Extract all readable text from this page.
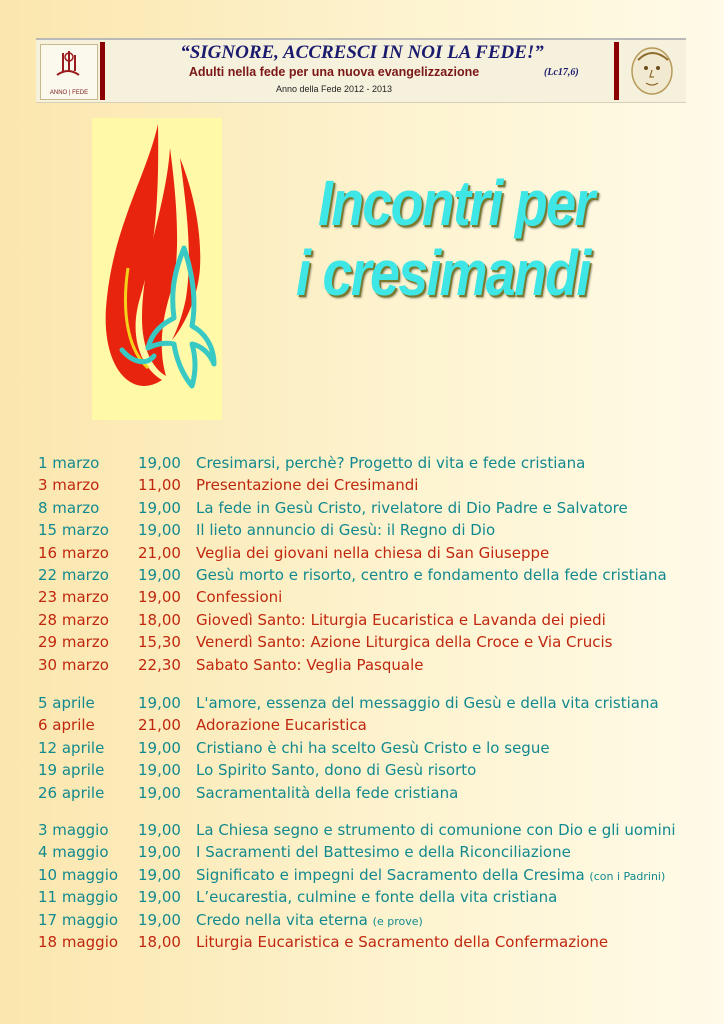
ANNO | FEDE
“SIGNORE, ACCRESCI IN NOI LA FEDE!”
Adulti nella fede per una nuova evangelizzazione	(Lc17,6)
Anno della Fede 2012 - 2013
Incontri per
i cresimandi
1 marzo	19,00 Cresimarsi, perchè? Progetto di vita e fede cristiana
3 marzo	11,00 Presentazione dei Cresimandi
8 marzo	19,00 La fede in Gesù Cristo, rivelatore di Dio Padre e Salvatore
15 marzo 19,00 Il lieto annuncio di Gesù: il Regno di Dio
16 marzo 21,00 Veglia dei giovani nella chiesa di San Giuseppe
22 marzo 19,00 Gesù morto e risorto, centro e fondamento della fede cristiana
23 marzo 19,00 Confessioni
28 marzo 18,00 Giovedì Santo: Liturgia Eucaristica e Lavanda dei piedi
29 marzo 15,30 Venerdì Santo: Azione Liturgica della Croce e Via Crucis
30 marzo 22,30 Sabato Santo: Veglia Pasquale
5 aprile	19,00 L'amore, essenza del messaggio di Gesù e della vita cristiana
6 aprile	21,00 Adorazione Eucaristica
12 aprile 19,00 Cristiano è chi ha scelto Gesù Cristo e lo segue
19 aprile 19,00 Lo Spirito Santo, dono di Gesù risorto
26 aprile 19,00 Sacramentalità della fede cristiana
3 maggio 19,00 La Chiesa segno e strumento di comunione con Dio e gli uomini
4 maggio 19,00 I Sacramenti del Battesimo e della Riconciliazione
10 maggio 19,00 Significato e impegni del Sacramento della Cresima (con i Padrini)
11 maggio 19,00 L’eucarestia, culmine e fonte della vita cristiana
17 maggio 19,00 Credo nella vita eterna (e prove)
18 maggio 18,00 Liturgia Eucaristica e Sacramento della Confermazione
